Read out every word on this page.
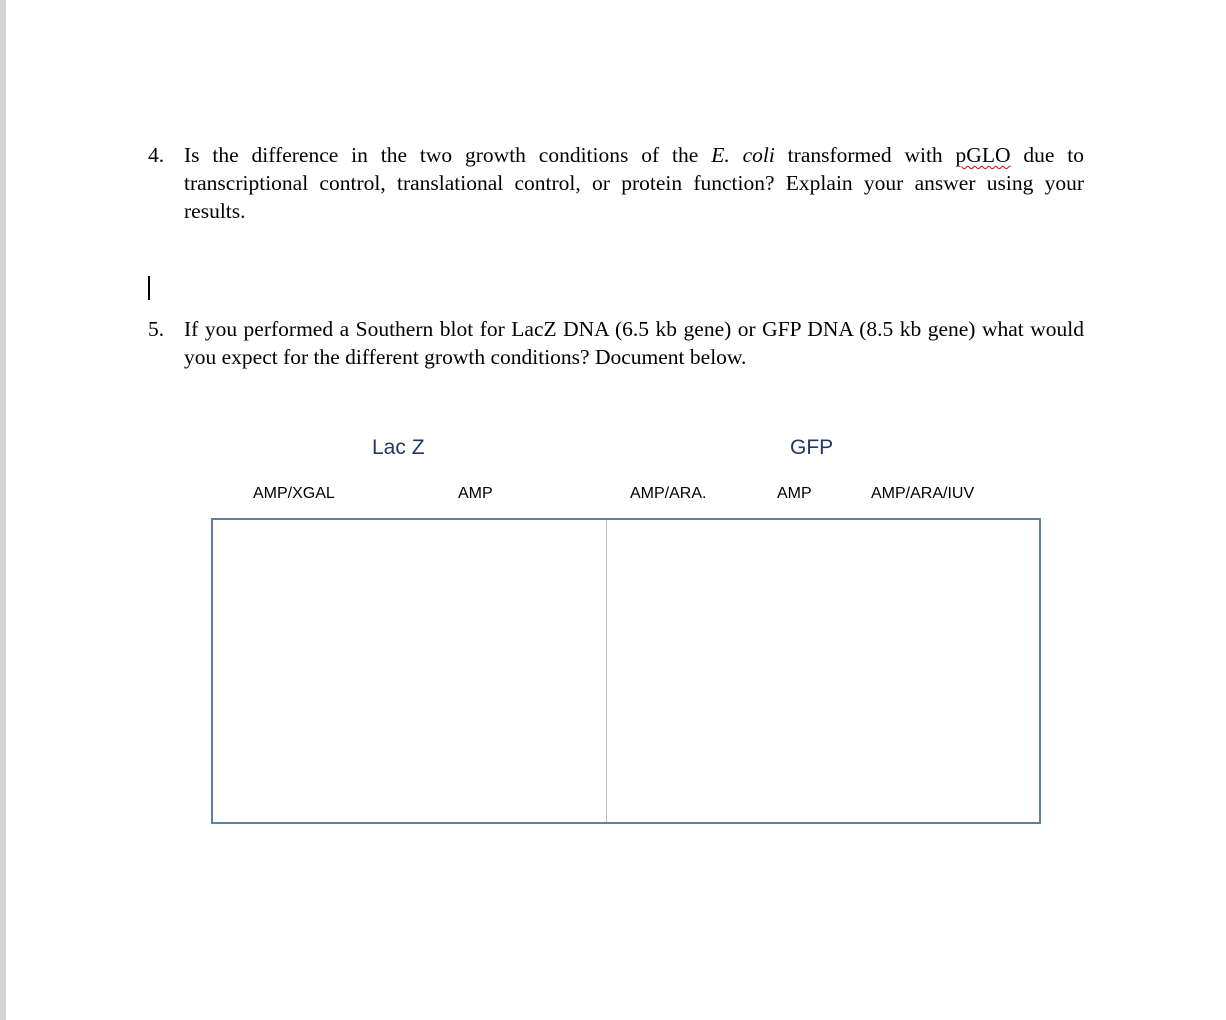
4. Is the difference in the two growth conditions of the E. coli transformed with pGLO due to transcriptional control, translational control, or protein function? Explain your answer using your results.
5. If you performed a Southern blot for LacZ DNA (6.5 kb gene) or GFP DNA (8.5 kb gene) what would you expect for the different growth conditions? Document below.
Lac Z	GFP
AMP/XGAL	AMP	AMP/ARA.	AMP	AMP/ARA/IUV
